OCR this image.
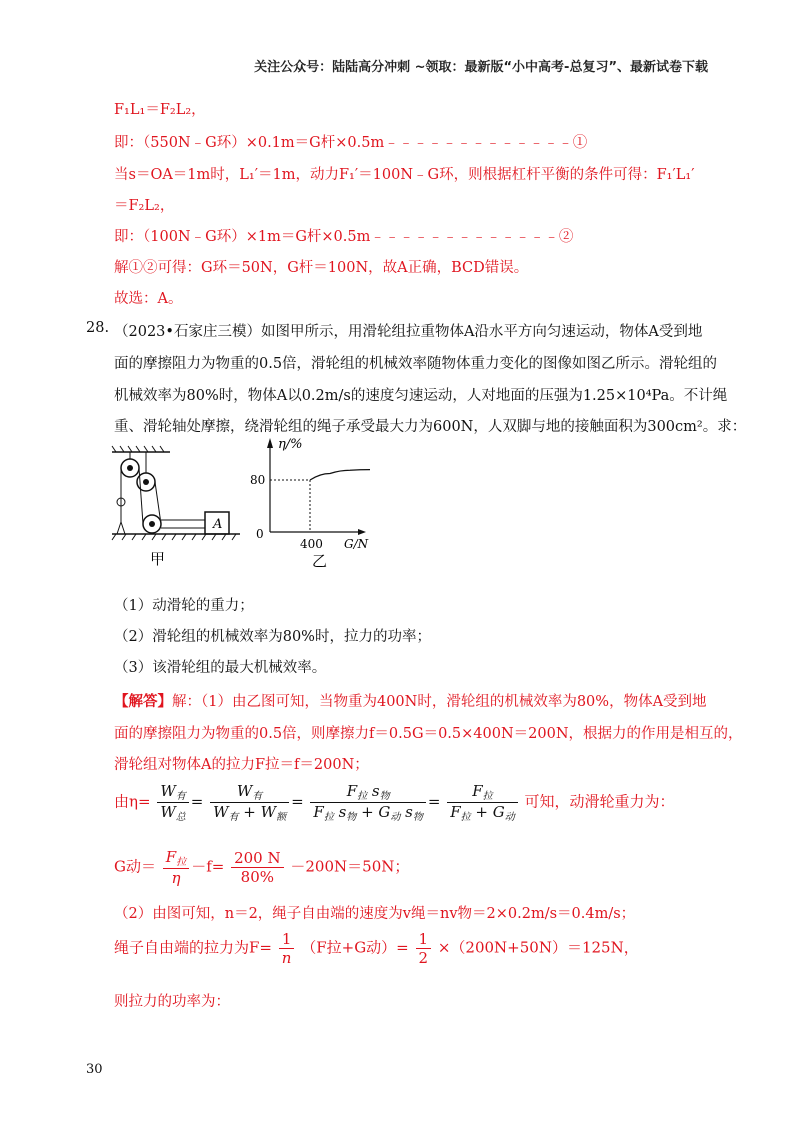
关注公众号：陆陆高分冲刺 ~领取：最新版“小中高考-总复习”、最新试卷下载
F₁L₁＝F₂L₂，
即：（550N﹣G环）×0.1m＝G杆×0.5m﹣﹣﹣﹣﹣﹣﹣﹣﹣﹣﹣﹣﹣①
当s＝OA＝1m时，L₁′＝1m，动力F₁′＝100N﹣G环，则根据杠杆平衡的条件可得：F₁′L₁′
＝F₂L₂，
即：（100N﹣G环）×1m＝G杆×0.5m﹣﹣﹣﹣﹣﹣﹣﹣﹣﹣﹣﹣﹣②
解①②可得：G环＝50N，G杆＝100N，故A正确，BCD错误。
故选：A。
28. （2023•石家庄三模）如图甲所示，用滑轮组拉重物体A沿水平方向匀速运动，物体A受到地
面的摩擦阻力为物重的0.5倍，滑轮组的机械效率随物体重力变化的图像如图乙所示。滑轮组的
机械效率为80%时，物体A以0.2m/s的速度匀速运动，人对地面的压强为1.25×10⁴Pa。不计绳
重、滑轮轴处摩擦，绕滑轮组的绳子承受最大力为600N，人双脚与地的接触面积为300cm²。求：
A
甲
η/%
80
400
0
G/N
乙
（1）动滑轮的重力；
（2）滑轮组的机械效率为80%时，拉力的功率；
（3）该滑轮组的最大机械效率。
【解答】解：（1）由乙图可知，当物重为400N时，滑轮组的机械效率为80%，物体A受到地
面的摩擦阻力为物重的0.5倍，则摩擦力f＝0.5G＝0.5×400N＝200N，根据力的作用是相互的，
滑轮组对物体A的拉力F拉＝f＝200N；
由$\eta= \frac{W_有}{W_总} = \frac{W_有}{W_有 + W_额} = \frac{F_拉 s_物}{F_拉 s_物 + G_动 s_物} = \frac{F_拉}{F_拉 + G_动}$ 可知，动滑轮重力为：
G动＝ $\frac{F_拉}{\eta} -f= \frac{200 N}{80\%} -200N=50N$；
（2）由图可知，n＝2，绳子自由端的速度为v绳＝nv物＝2×0.2m/s＝0.4m/s；
绳子自由端的拉力为$F= \frac{1}{n} (F$拉+G动）= $\frac{1}{2} \times(200N+50N)=125N$，
则拉力的功率为：
30
